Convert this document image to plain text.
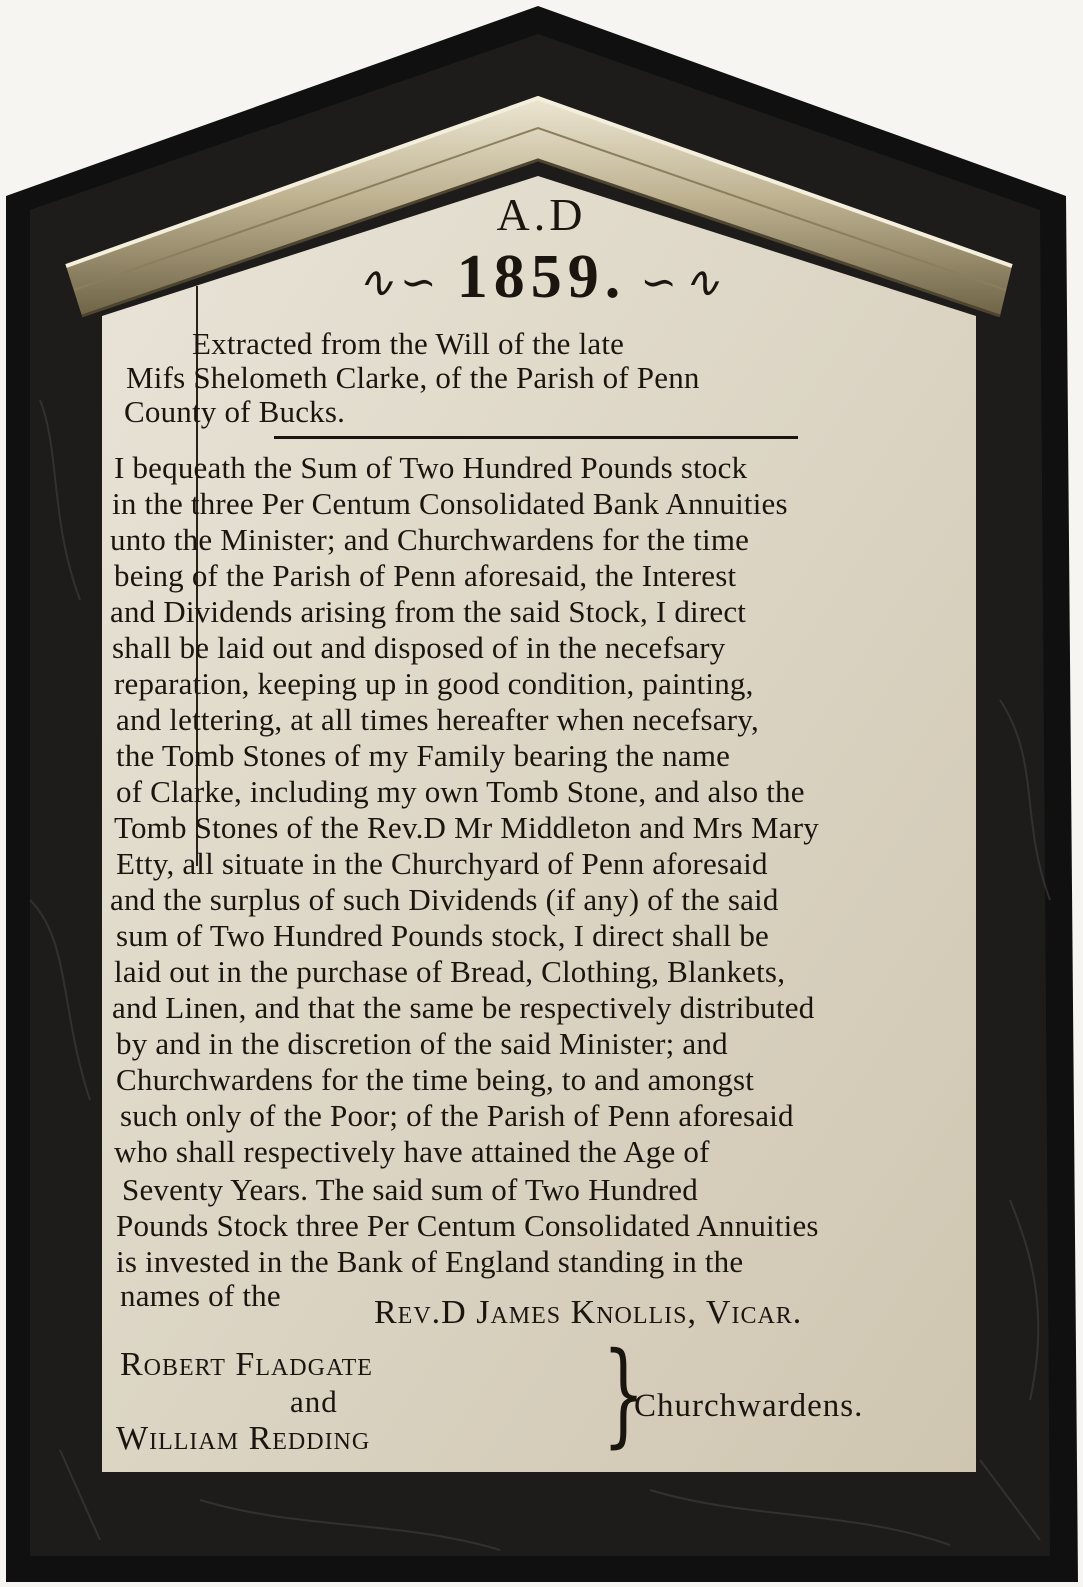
A.D
∿∽ 1859. ∽∿
Extracted from the Will of the late
Mifs Shelometh Clarke, of the Parish of Penn
County of Bucks.
I bequeath the Sum of Two Hundred Pounds stock
in the three Per Centum Consolidated Bank Annuities
unto the Minister; and Churchwardens for the time
being of the Parish of Penn aforesaid, the Interest
and Dividends arising from the said Stock, I direct
shall be laid out and disposed of in the necefsary
reparation, keeping up in good condition, painting,
and lettering, at all times hereafter when necefsary,
the Tomb Stones of my Family bearing the name
of Clarke, including my own Tomb Stone, and also the
Tomb Stones of the Rev.D Mr Middleton and Mrs Mary
Etty, all situate in the Churchyard of Penn aforesaid
and the surplus of such Dividends (if any) of the said
sum of Two Hundred Pounds stock, I direct shall be
laid out in the purchase of Bread, Clothing, Blankets,
and Linen, and that the same be respectively distributed
by and in the discretion of the said Minister; and
Churchwardens for the time being, to and amongst
such only of the Poor; of the Parish of Penn aforesaid
who shall respectively have attained the Age of
Seventy Years. The said sum of Two Hundred
Pounds Stock three Per Centum Consolidated Annuities
is invested in the Bank of England standing in the
names of the	Rev.D James Knollis, Vicar.
Robert Fladgate
and
William Redding }
Churchwardens.
